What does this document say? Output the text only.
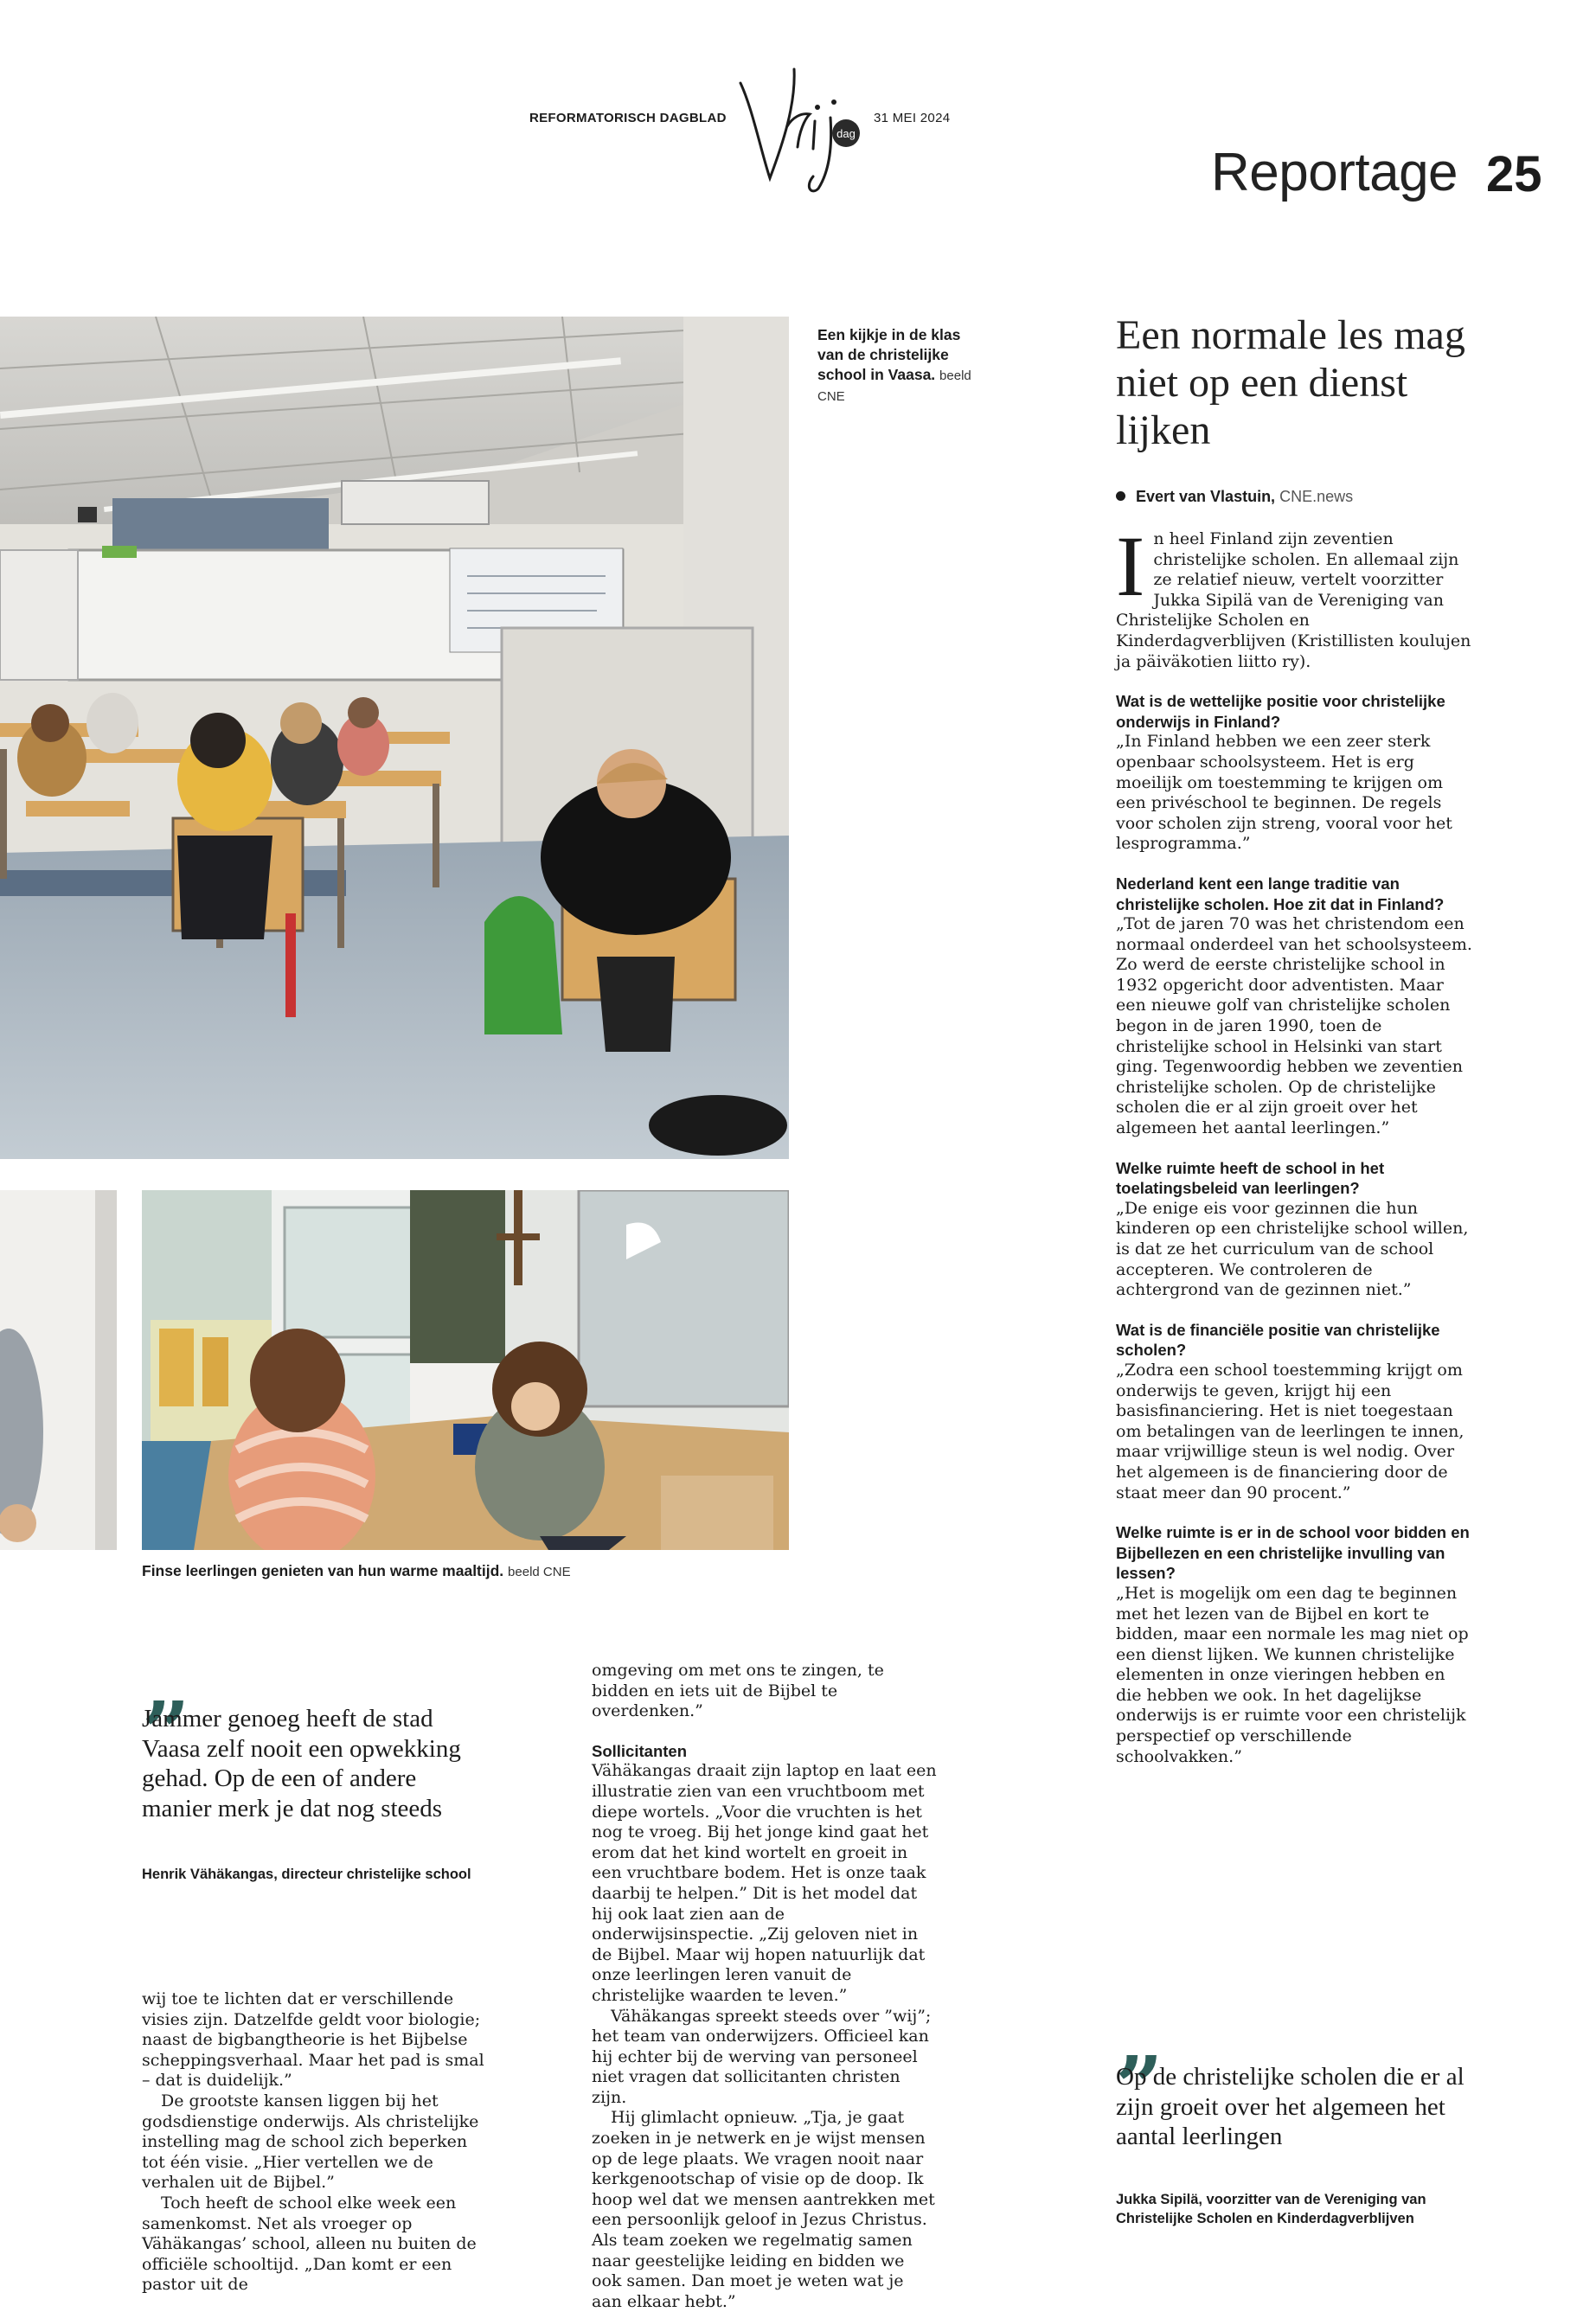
REFORMATORISCH DAGBLAD
dag
31 MEI 2024
Reportage 25
Een kijkje in de klas van de christelijke school in Vaasa. beeld CNE
Finse leerlingen genieten van hun warme maaltijd. beeld CNE
Een normale les mag niet op een dienst lijken
Evert van Vlastuin, CNE.news

In heel Finland zijn zeventien christelijke scholen. En allemaal zijn ze relatief nieuw, vertelt voorzitter Jukka Sipilä van de Vereniging van Christelijke Scholen en Kinderdagverblijven (Kristillisten koulujen ja päiväkotien liitto ry).

Wat is de wettelijke positie voor christelijke onderwijs in Finland?

„In Finland hebben we een zeer sterk openbaar schoolsysteem. Het is erg moeilijk om toestemming te krijgen om een privéschool te beginnen. De regels voor scholen zijn streng, vooral voor het lesprogramma.”

Nederland kent een lange traditie van christelijke scholen. Hoe zit dat in Finland?

„Tot de jaren 70 was het christendom een normaal onderdeel van het schoolsysteem. Zo werd de eerste christelijke school in 1932 opgericht door adventisten. Maar een nieuwe golf van christelijke scholen begon in de jaren 1990, toen de christelijke school in Helsinki van start ging. Tegenwoordig hebben we zeventien christelijke scholen. Op de christelijke scholen die er al zijn groeit over het algemeen het aantal leerlingen.”

Welke ruimte heeft de school in het toelatingsbeleid van leerlingen?

„De enige eis voor gezinnen die hun kinderen op een christelijke school willen, is dat ze het curriculum van de school accepteren. We controleren de achtergrond van de gezinnen niet.”

Wat is de financiële positie van christelijke scholen?

„Zodra een school toestemming krijgt om onderwijs te geven, krijgt hij een basisfinanciering. Het is niet toegestaan om betalingen van de leerlingen te innen, maar vrijwillige steun is wel nodig. Over het algemeen is de financiering door de staat meer dan 90 procent.”

Welke ruimte is er in de school voor bidden en Bijbellezen en een christelijke invulling van lessen?

„Het is mogelijk om een dag te beginnen met het lezen van de Bijbel en kort te bidden, maar een normale les mag niet op een dienst lijken. We kunnen christelijke elementen in onze vieringen hebben en die hebben we ook. In het dagelijkse onderwijs is er ruimte voor een christelijk perspectief op verschillende schoolvakken.”

„
Jammer genoeg heeft de stad Vaasa zelf nooit een opwekking gehad. Op de een of andere manier merk je dat nog steeds
Henrik Vähäkangas, directeur christelijke school

wij toe te lichten dat er verschillende visies zijn. Datzelfde geldt voor biologie; naast de bigbangtheorie is het Bijbelse scheppingsverhaal. Maar het pad is smal – dat is duidelijk.”

De grootste kansen liggen bij het godsdienstige onderwijs. Als christelijke instelling mag de school zich beperken tot één visie. „Hier vertellen we de verhalen uit de Bijbel.”

Toch heeft de school elke week een samenkomst. Net als vroeger op Vähäkangas’ school, alleen nu buiten de officiële schooltijd. „Dan komt er een pastor uit de

omgeving om met ons te zingen, te bidden en iets uit de Bijbel te overdenken.”

Sollicitanten

Vähäkangas draait zijn laptop en laat een illustratie zien van een vruchtboom met diepe wortels. „Voor die vruchten is het nog te vroeg. Bij het jonge kind gaat het erom dat het kind wortelt en groeit in een vruchtbare bodem. Het is onze taak daarbij te helpen.” Dit is het model dat hij ook laat zien aan de onderwijsinspectie. „Zij geloven niet in de Bijbel. Maar wij hopen natuurlijk dat onze leerlingen leren vanuit de christelijke waarden te leven.”

Vähäkangas spreekt steeds over ”wij”; het team van onderwijzers. Officieel kan hij echter bij de werving van personeel niet vragen dat sollicitanten christen zijn.

Hij glimlacht opnieuw. „Tja, je gaat zoeken in je netwerk en je wijst mensen op de lege plaats. We vragen nooit naar kerkgenootschap of visie op de doop. Ik hoop wel dat we mensen aantrekken met een persoonlijk geloof in Jezus Christus. Als team zoeken we regelmatig samen naar geestelijke leiding en bidden we ook samen. Dan moet je weten wat je aan elkaar hebt.”

„
Op de christelijke scholen die er al zijn groeit over het algemeen het aantal leerlingen
Jukka Sipilä, voorzitter van de Vereniging van Christelijke Scholen en Kinderdagverblijven
